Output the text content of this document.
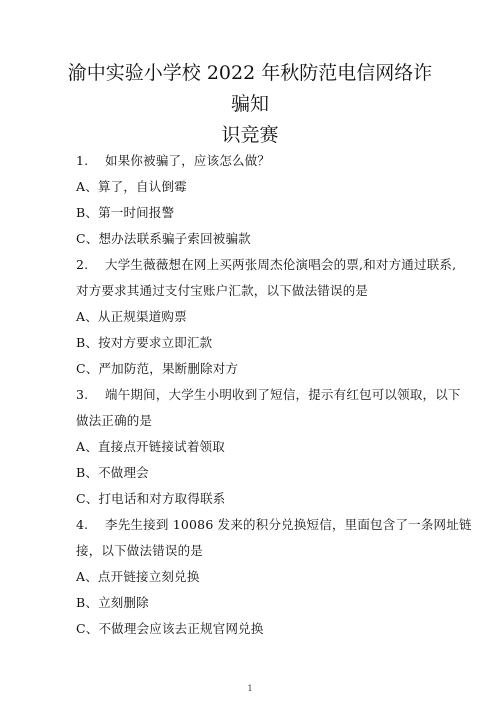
渝中实验小学校 2022 年秋防范电信网络诈骗知
识竞赛
1. 如果你被骗了，应该怎么做？
A、算了，自认倒霉
B、第一时间报警
C、想办法联系骗子索回被骗款
2. 大学生薇薇想在网上买两张周杰伦演唱会的票,和对方通过联系,
对方要求其通过支付宝账户汇款，以下做法错误的是
A、从正规渠道购票
B、按对方要求立即汇款
C、严加防范，果断删除对方
3. 端午期间，大学生小明收到了短信，提示有红包可以领取，以下
做法正确的是
A、直接点开链接试着领取
B、不做理会
C、打电话和对方取得联系
4. 李先生接到 10086 发来的积分兑换短信，里面包含了一条网址链
接，以下做法错误的是
A、点开链接立刻兑换
B、立刻删除
C、不做理会应该去正规官网兑换
1
